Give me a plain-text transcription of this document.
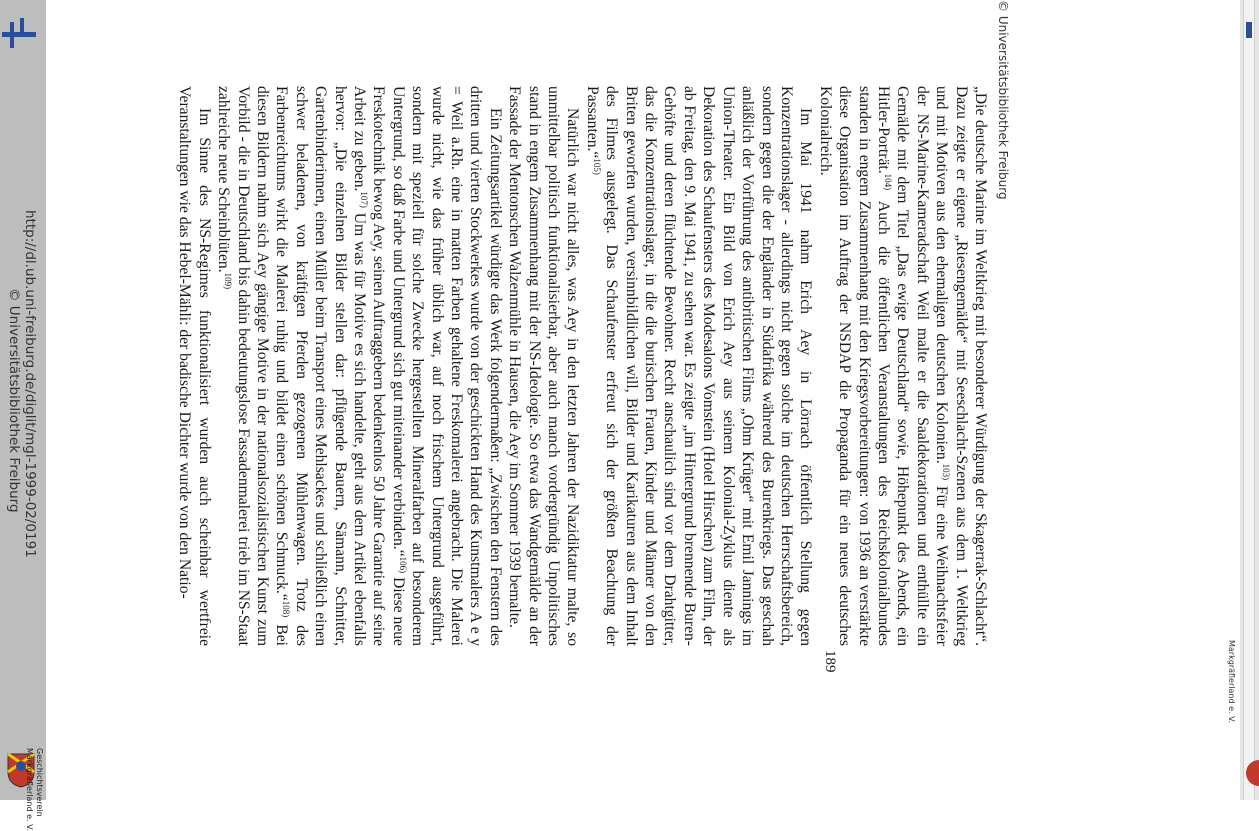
http://dl.ub.uni-freiburg.de/diglit/mgl-1999-02/0191
© Universitätsbibliothek Freiburg
Geschichtsverein
Markgräflerland e. V.
© Universitätsbibliothek Freiburg

„Die deutsche Marine im Weltkrieg mit besonderer Würdigung der Skagerrak-Schlacht“. Dazu zeigte er eigene „Riesengemälde“ mit Seeschlacht-Szenen aus dem 1. Weltkrieg und mit Motiven aus den ehemaligen deutschen Kolonien.$^{103)}$ Für eine Weihnachtsfeier der NS-Marine-Kameradschaft Weil malte er die Saaldekorationen und enthüllte ein Gemälde mit dem Titel „Das ewige Deutschland“ sowie, Höhepunkt des Abends, ein Hitler-Porträt.$^{104)}$ Auch die öffentlichen Veranstaltungen des Reichskolonialbundes standen in engem Zusammenhang mit den Kriegsvorbereitungen: von 1936 an verstärkte diese Organisation im Auftrag der NSDAP die Propaganda für ein neues deutsches Kolonialreich.

Im Mai 1941 nahm Erich Aey in Lörrach öffentlich Stellung gegen Konzentrationslager - allerdings nicht gegen solche im deutschen Herrschaftsbereich, sondern gegen die der Engländer in Südafrika während des Burenkriegs. Das geschah anläßlich der Vorführung des antibritischen Films „Ohm Krüger“ mit Emil Jannings im Union-Theater. Ein Bild von Erich Aey aus seinem Kolonial-Zyklus diente als Dekoration des Schaufensters des Modesalons Vomstein (Hotel Hirschen) zum Film, der ab Freitag, den 9. Mai 1941, zu sehen war. Es zeigte „im Hintergrund brennende Buren-Gehöfte und deren flüchtende Bewohner. Recht anschaulich sind vor dem Drahtgitter, das die Konzentrationslager, in die die burischen Frauen, Kinder und Männer von den Briten geworfen wurden, versinnbildlichen will, Bilder und Karikaturen aus dem Inhalt des Filmes ausgelegt. Das Schaufenster erfreut sich der größten Beachtung der Passanten.“$^{105)}$

Natürlich war nicht alles, was Aey in den letzten Jahren der Nazidiktatur malte, so unmittelbar politisch funktionalisierbar, aber auch manch vordergründig Unpolitisches stand in engem Zusammenhang mit der NS-Ideologie. So etwa das Wandgemälde an der Fassade der Mentonschen Walzenmühle in Hausen, die Aey im Sommer 1939 bemalte.

Ein Zeitungsartikel würdigte das Werk folgendermaßen: „Zwischen den Fenstern des dritten und vierten Stockwerkes wurde von der geschickten Hand des Kunstmalers A e y = Weil a.Rh. eine in matten Farben gehaltene Freskomalerei angebracht. Die Malerei wurde nicht, wie das früher üblich war, auf noch frischem Untergrund ausgeführt, sondern mit speziell für solche Zwecke hergestellten Mineralfarben auf besonderem Untergrund, so daß Farbe und Untergrund sich gut miteinander verbinden.“$^{106)}$ Diese neue Freskotechnik bewog Aey, seinen Auftraggebern bedenkenlos 50 Jahre Garantie auf seine Arbeit zu geben.$^{107)}$ Um was für Motive es sich handelte, geht aus dem Artikel ebenfalls hervor: „Die einzelnen Bilder stellen dar: pflügende Bauern, Sämann, Schnitter, Gartenbinderinnen, einen Müller beim Transport eines Mehlsackes und schließlich einen schwer beladenen, von kräftigen Pferden gezogenen Mühlenwagen. Trotz des Farbenreichtums wirkt die Malerei ruhig und bildet einen schönen Schmuck.“$^{108)}$ Bei diesen Bildern nahm sich Aey gängige Motive in der nationalsozialistischen Kunst zum Vorbild - die in Deutschland bis dahin bedeutungslose Fassadenmalerei trieb im NS-Staat zahlreiche neue Scheinblüten.$^{109)}$

Im Sinne des NS-Regimes funktionalisiert wurden auch scheinbar wertfreie Veranstaltungen wie das Hebel-Mähli: der badische Dichter wurde von den Natio-

189	Markgräflerland e. V.
